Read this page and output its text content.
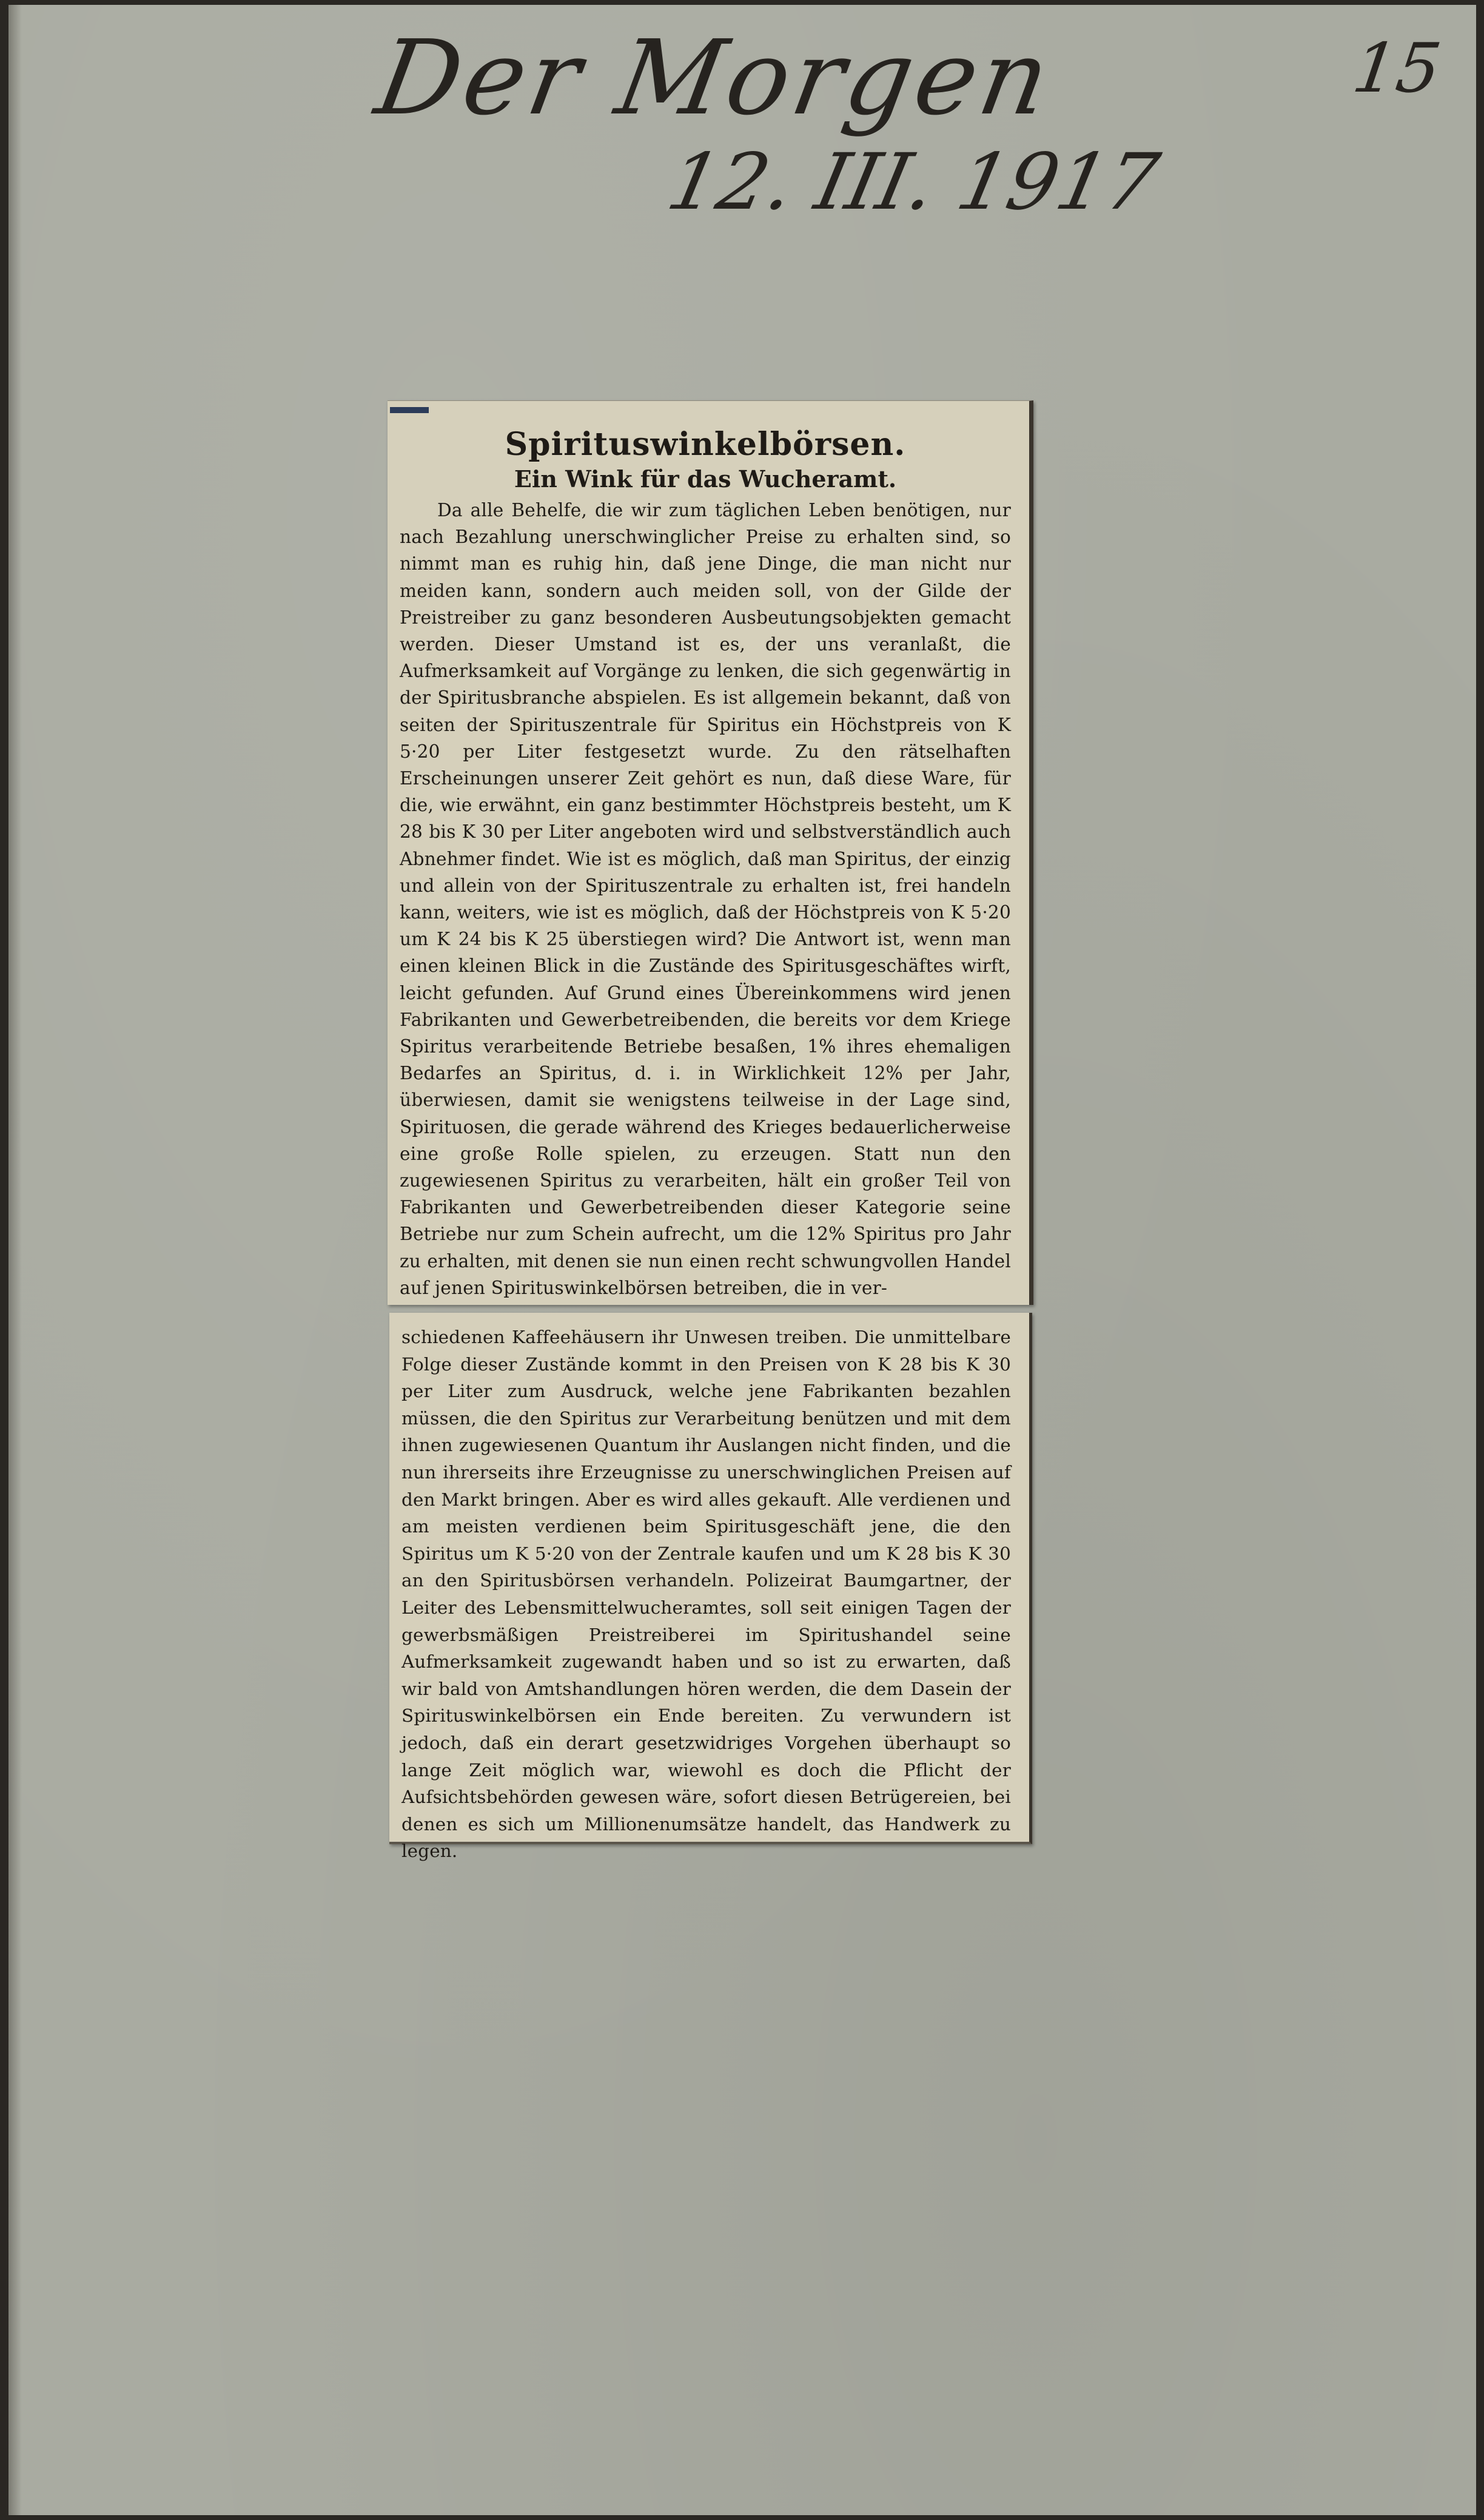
Der Morgen
12. III. 1917
15
Spirituswinkelbörsen.
Ein Wink für das Wucheramt.

Da alle Behelfe, die wir zum täglichen Leben benötigen, nur nach Bezahlung unerschwinglicher Preise zu erhalten sind, so nimmt man es ruhig hin, daß jene Dinge, die man nicht nur meiden kann, sondern auch meiden soll, von der Gilde der Preistreiber zu ganz besonderen Ausbeutungsobjekten gemacht werden. Dieser Umstand ist es, der uns veranlaßt, die Aufmerksamkeit auf Vorgänge zu lenken, die sich gegenwärtig in der Spiritusbranche abspielen. Es ist allgemein bekannt, daß von seiten der Spirituszentrale für Spiritus ein Höchstpreis von K 5·20 per Liter festgesetzt wurde. Zu den rätselhaften Erscheinungen unserer Zeit gehört es nun, daß diese Ware, für die, wie erwähnt, ein ganz bestimmter Höchstpreis besteht, um K 28 bis K 30 per Liter angeboten wird und selbstverständlich auch Abnehmer findet. Wie ist es möglich, daß man Spiritus, der einzig und allein von der Spirituszentrale zu erhalten ist, frei handeln kann, weiters, wie ist es möglich, daß der Höchstpreis von K 5·20 um K 24 bis K 25 überstiegen wird? Die Antwort ist, wenn man einen kleinen Blick in die Zustände des Spiritusgeschäftes wirft, leicht gefunden. Auf Grund eines Übereinkommens wird jenen Fabrikanten und Gewerbetreibenden, die bereits vor dem Kriege Spiritus verarbeitende Betriebe besaßen, 1% ihres ehemaligen Bedarfes an Spiritus, d. i. in Wirklichkeit 12% per Jahr, überwiesen, damit sie wenigstens teilweise in der Lage sind, Spirituosen, die gerade während des Krieges bedauerlicherweise eine große Rolle spielen, zu erzeugen. Statt nun den zugewiesenen Spiritus zu verarbeiten, hält ein großer Teil von Fabrikanten und Gewerbetreibenden dieser Kategorie seine Betriebe nur zum Schein aufrecht, um die 12% Spiritus pro Jahr zu erhalten, mit denen sie nun einen recht schwungvollen Handel auf jenen Spirituswinkelbörsen betreiben, die in ver-

schiedenen Kaffeehäusern ihr Unwesen treiben. Die unmittelbare Folge dieser Zustände kommt in den Preisen von K 28 bis K 30 per Liter zum Ausdruck, welche jene Fabrikanten bezahlen müssen, die den Spiritus zur Verarbeitung benützen und mit dem ihnen zugewiesenen Quantum ihr Auslangen nicht finden, und die nun ihrerseits ihre Erzeugnisse zu unerschwinglichen Preisen auf den Markt bringen. Aber es wird alles gekauft. Alle verdienen und am meisten verdienen beim Spiritusgeschäft jene, die den Spiritus um K 5·20 von der Zentrale kaufen und um K 28 bis K 30 an den Spiritusbörsen verhandeln. Polizeirat Baumgartner, der Leiter des Lebensmittelwucheramtes, soll seit einigen Tagen der gewerbsmäßigen Preistreiberei im Spiritushandel seine Aufmerksamkeit zugewandt haben und so ist zu erwarten, daß wir bald von Amtshandlungen hören werden, die dem Dasein der Spirituswinkelbörsen ein Ende bereiten. Zu verwundern ist jedoch, daß ein derart gesetzwidriges Vorgehen überhaupt so lange Zeit möglich war, wiewohl es doch die Pflicht der Aufsichtsbehörden gewesen wäre, sofort diesen Betrügereien, bei denen es sich um Millionenumsätze handelt, das Handwerk zu legen.
